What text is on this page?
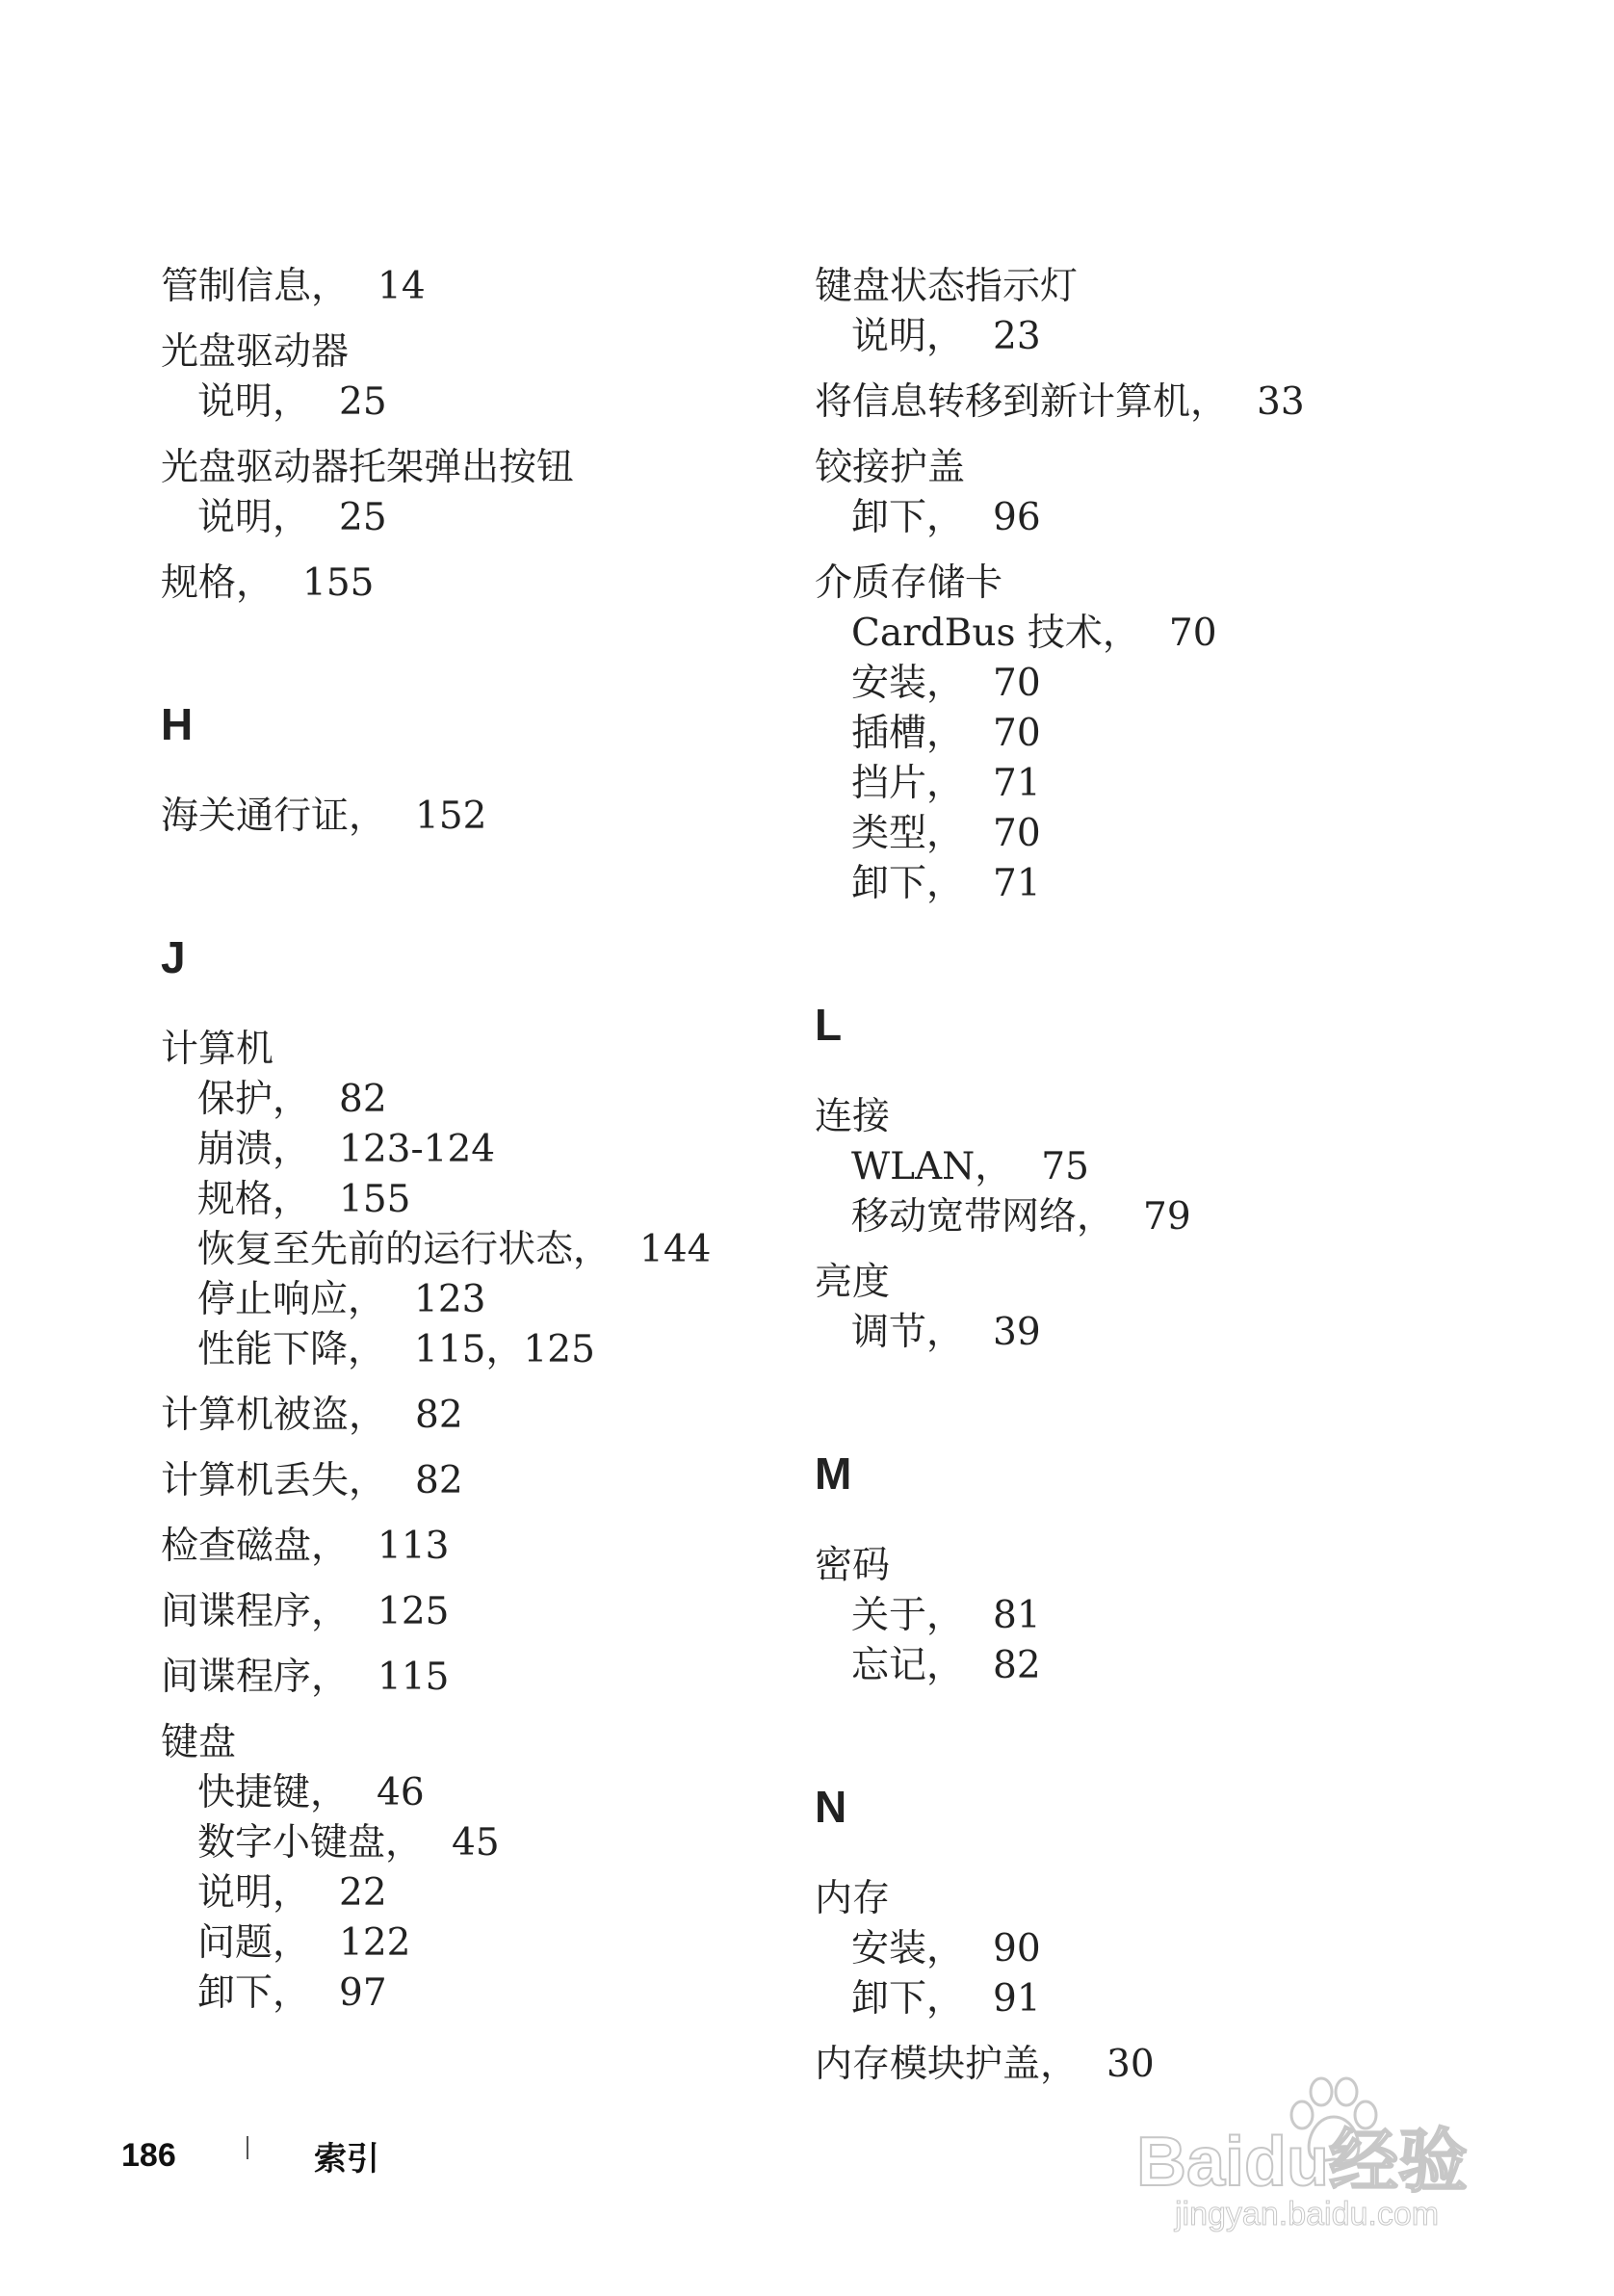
管制信息， 14
光盘驱动器
说明， 25
光盘驱动器托架弹出按钮
说明， 25
规格， 155
H
海关通行证， 152
J
计算机
保护， 82
崩溃， 123-124
规格， 155
恢复至先前的运行状态， 144
停止响应， 123
性能下降， 115，125
计算机被盗， 82
计算机丢失， 82
检查磁盘， 113
间谍程序， 125
间谍程序， 115
键盘
快捷键， 46
数字小键盘， 45
说明， 22
问题， 122
卸下， 97
键盘状态指示灯
说明， 23
将信息转移到新计算机， 33
铰接护盖
卸下， 96
介质存储卡
CardBus 技术， 70
安装， 70
插槽， 70
挡片， 71
类型， 70
卸下， 71
L
连接
WLAN， 75
移动宽带网络， 79
亮度
调节， 39
M
密码
关于， 81
忘记， 82
N
内存
安装， 90
卸下， 91
内存模块护盖， 30
186	索引	Baidu经验
jingyan.baidu.com
